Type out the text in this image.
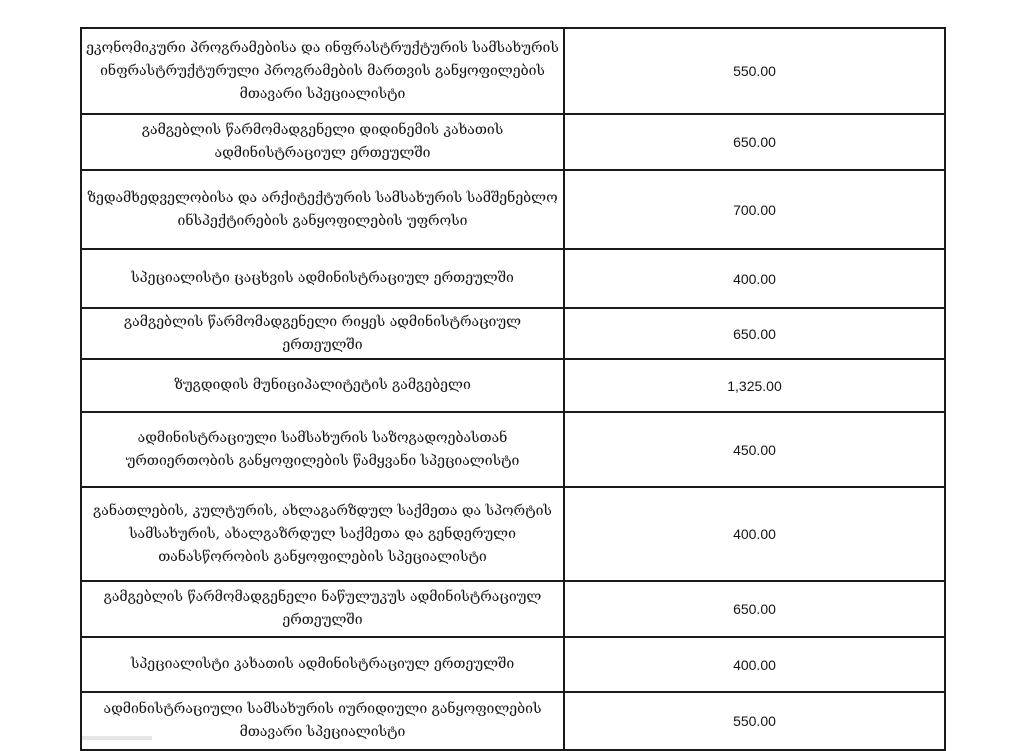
ეკონომიკური პროგრამებისა და ინფრასტრუქტურის სამსახურის ინფრასტრუქტურული პროგრამების მართვის განყოფილების მთავარი სპეციალისტი	550.00
გამგებლის წარმომადგენელი დიდინემის კახათის ადმინისტრაციულ ერთეულში	650.00
ზედამხედველობისა და არქიტექტურის სამსახურის სამშენებლო ინსპექტირების განყოფილების უფროსი	700.00
სპეციალისტი ცაცხვის ადმინისტრაციულ ერთეულში	400.00
გამგებლის წარმომადგენელი რიყეს ადმინისტრაციულ ერთეულში	650.00
ზუგდიდის მუნიციპალიტეტის გამგებელი	1,325.00
ადმინისტრაციული სამსახურის საზოგადოებასთან ურთიერთობის განყოფილების წამყვანი სპეციალისტი	450.00
განათლების, კულტურის, ახლაგარზდულ საქმეთა და სპორტის სამსახურის, ახალგაზრდულ საქმეთა და გენდერული თანასწორობის განყოფილების სპეციალისტი	400.00
გამგებლის წარმომადგენელი ნაწულუკუს ადმინისტრაციულ ერთეულში	650.00
სპეციალისტი კახათის ადმინისტრაციულ ერთეულში	400.00
ადმინისტრაციული სამსახურის იურიდიული განყოფილების მთავარი სპეციალისტი	550.00
